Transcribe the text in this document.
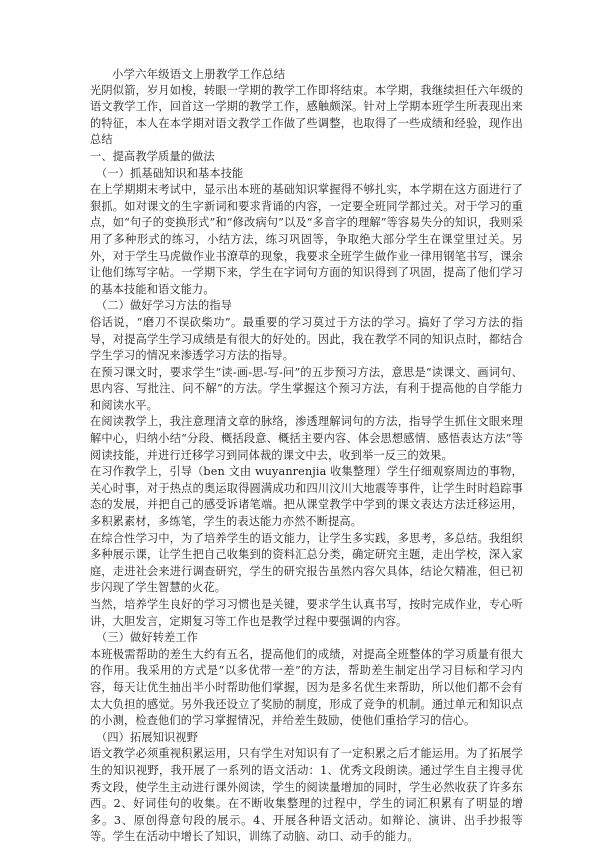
小学六年级语文上册教学工作总结

光阴似箭，岁月如梭，转眼一学期的教学工作即将结束。本学期，我继续担任六年级的语文教学工作，回首这一学期的教学工作，感触颇深。针对上学期本班学生所表现出来的特征，本人在本学期对语文教学工作做了些调整，也取得了一些成绩和经验，现作出总结

一、提高教学质量的做法
（一）抓基础知识和基本技能

在上学期期末考试中，显示出本班的基础知识掌握得不够扎实，本学期在这方面进行了狠抓。如对课文的生字新词和要求背诵的内容，一定要全班同学都过关。对于学习的重点，如“句子的变换形式”和“修改病句”以及“多音字的理解”等容易失分的知识，我则采用了多种形式的练习，小结方法，练习巩固等，争取绝大部分学生在课堂里过关。另外，对于学生马虎做作业书潦草的现象，我要求全班学生做作业一律用钢笔书写，课余让他们练写字帖。一学期下来，学生在字词句方面的知识得到了巩固，提高了他们学习的基本技能和语文能力。

（二）做好学习方法的指导

俗话说，“磨刀不误砍柴功”。最重要的学习莫过于方法的学习。搞好了学习方法的指导，对提高学生学习成绩是有很大的好处的。因此，我在教学不同的知识点时，都结合学生学习的情况来渗透学习方法的指导。

在预习课文时，要求学生“读-画-思-写-问”的五步预习方法，意思是“读课文、画词句、思内容、写批注、问不解”的方法。学生掌握这个预习方法，有利于提高他的自学能力和阅读水平。

在阅读教学上，我注意理清文章的脉络，渗透理解词句的方法，指导学生抓住文眼来理解中心，归纳小结“分段、概括段意、概括主要内容、体会思想感情、感悟表达方法”等阅读技能，并进行迁移学习到同体裁的课文中去，收到举一反三的效果。

在习作教学上，引导（ben 文由 wuyanrenjia 收集整理）学生仔细观察周边的事物，关心时事，对于热点的奥运取得圆满成功和四川汶川大地震等事件，让学生时时趋踪事态的发展，并把自己的感受诉诸笔端。把从课堂教学中学到的课文表达方法迁移运用，多积累素材，多练笔，学生的表达能力亦然不断提高。

在综合性学习中，为了培养学生的语文能力，让学生多实践，多思考，多总结。我组织多种展示课，让学生把自己收集到的资料汇总分类，确定研究主题，走出学校，深入家庭，走进社会来进行调查研究，学生的研究报告虽然内容欠具体，结论欠精准，但已初步闪现了学生智慧的火花。

当然，培养学生良好的学习习惯也是关键，要求学生认真书写，按时完成作业，专心听讲，大胆发言，定期复习等工作也是教学过程中要强调的内容。

（三）做好转差工作

本班极需帮助的差生大约有五名，提高他们的成绩，对提高全班整体的学习质量有很大的作用。我采用的方式是“以多优带一差”的方法，帮助差生制定出学习目标和学习内容，每天让优生抽出半小时帮助他们掌握，因为是多名优生来帮助，所以他们都不会有太大负担的感觉。另外我还设立了奖励的制度，形成了竞争的机制。通过单元和知识点的小测，检查他们的学习掌握情况，并给差生鼓励，使他们重拾学习的信心。

（四）拓展知识视野

语文教学必须重视积累运用，只有学生对知识有了一定积累之后才能运用。为了拓展学生的知识视野，我开展了一系列的语文活动：1、优秀文段朗读。通过学生自主搜寻优秀文段，使学生主动进行课外阅读，学生的阅读量增加的同时，学生必然收获了许多东西。2、好词佳句的收集。在不断收集整理的过程中，学生的词汇积累有了明显的增多。3、原创得意句段的展示。4、开展各种语文活动。如辩论、演讲、出手抄报等等。学生在活动中增长了知识，训练了动脑、动口、动手的能力。
